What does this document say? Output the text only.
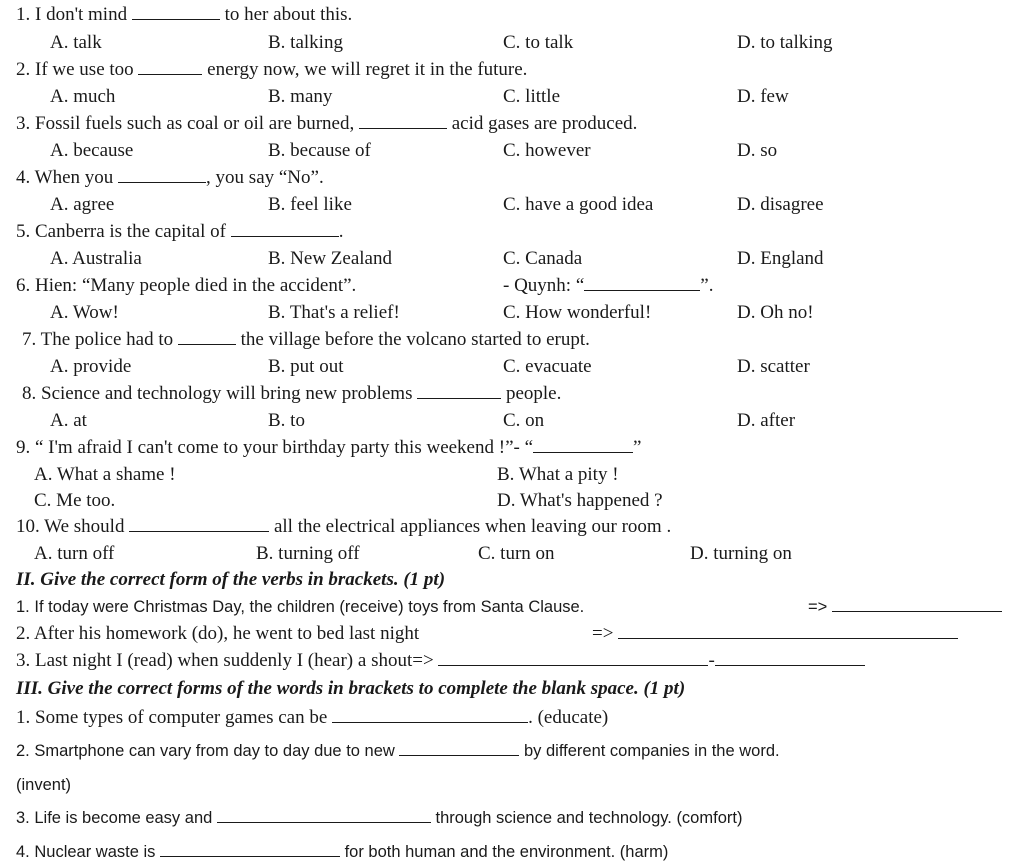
1. I don't mind	to her about this.
A. talk	B. talking	C. to talk	D. to talking
2. If we use too	energy now, we will regret it in the future.
A. much	B. many	C. little	D. few
3. Fossil fuels such as coal or oil are burned,	acid gases are produced.
A. because	B. because of	C. however	D. so
4. When you	, you say “No”.
A. agree	B. feel like	C. have a good idea	D. disagree
5. Canberra is the capital of	.
A. Australia	B. New Zealand	C. Canada	D. England
6. Hien: “Many people died in the accident”.	- Quynh: “	”.
A. Wow!	B. That's a relief!	C. How wonderful!	D. Oh no!
7. The police had to	the village before the volcano started to erupt.
A. provide	B. put out	C. evacuate	D. scatter
8. Science and technology will bring new problems	people.
A. at	B. to	C. on	D. after
9. “ I'm afraid I can't come to your birthday party this weekend !”- “	”
A. What a shame !	B. What a pity !
C. Me too.	D. What's happened ?
10. We should	all the electrical appliances when leaving our room .
A. turn off	B. turning off	C. turn on	D. turning on
II. Give the correct form of the verbs in brackets. (1 pt)
1. If today were Christmas Day, the children (receive) toys from Santa Clause.	=>
2. After his homework (do), he went to bed last night	=>
3. Last night I (read) when suddenly I (hear) a shout=>	-
III. Give the correct forms of the words in brackets to complete the blank space. (1 pt)
1. Some types of computer games can be	. (educate)
2. Smartphone can vary from day to day due to new	by different companies in the word.
(invent)
3. Life is become easy and	through science and technology. (comfort)
4. Nuclear waste is	for both human and the environment. (harm)
